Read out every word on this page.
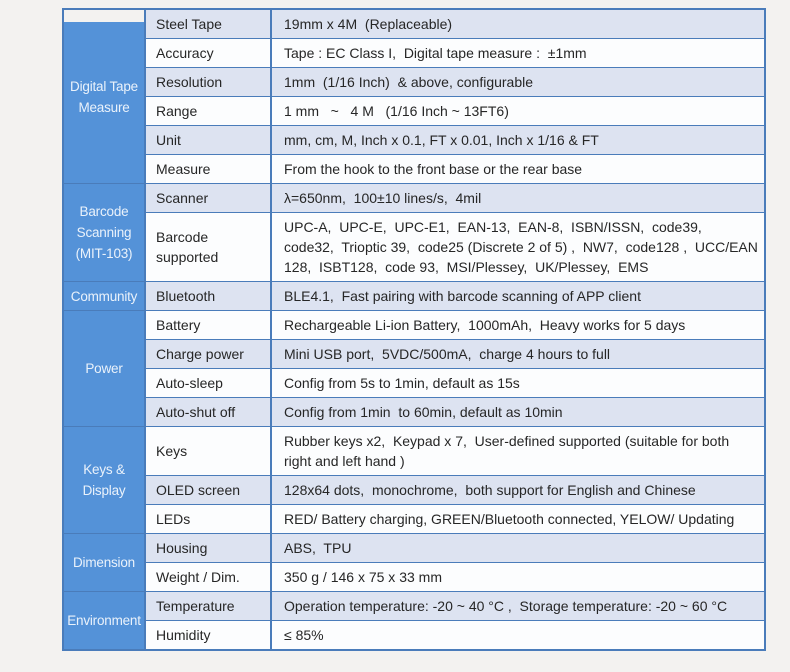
Digital Tape Measure	Steel Tape	19mm x 4M  (Replaceable)
	Accuracy	Tape : EC Class I,  Digital tape measure :  ±1mm
	Resolution	1mm  (1/16 Inch)  & above, configurable
	Range	1 mm   ~   4 M   (1/16 Inch ~ 13FT6)
	Unit	mm, cm, M, Inch x 0.1, FT x 0.01, Inch x 1/16 & FT
	Measure	From the hook to the front base or the rear base
Barcode Scanning (MIT-103)	Scanner	λ=650nm,  100±10 lines/s,  4mil
	Barcode supported	UPC-A,  UPC-E,  UPC-E1,  EAN-13,  EAN-8,  ISBN/ISSN,  code39,  code32,  Trioptic 39,  code25 (Discrete 2 of 5) ,  NW7,  code128 ,  UCC/EAN 128,  ISBT128,  code 93,  MSI/Plessey,  UK/Plessey,  EMS
Community	Bluetooth	BLE4.1,  Fast pairing with barcode scanning of APP client
Power	Battery	Rechargeable Li-ion Battery,  1000mAh,  Heavy works for 5 days
	Charge power	Mini USB port,  5VDC/500mA,  charge 4 hours to full
	Auto-sleep	Config from 5s to 1min, default as 15s
	Auto-shut off	Config from 1min  to 60min, default as 10min
Keys & Display	Keys	Rubber keys x2,  Keypad x 7,  User-defined supported (suitable for both right and left hand )
	OLED screen	128x64 dots,  monochrome,  both support for English and Chinese
	LEDs	RED/ Battery charging, GREEN/Bluetooth connected, YELOW/ Updating
Dimension	Housing	ABS,  TPU
	Weight / Dim.	350 g / 146 x 75 x 33 mm
Environment	Temperature	Operation temperature: -20 ~ 40 °C ,  Storage temperature: -20 ~ 60 °C
	Humidity	≤ 85%
